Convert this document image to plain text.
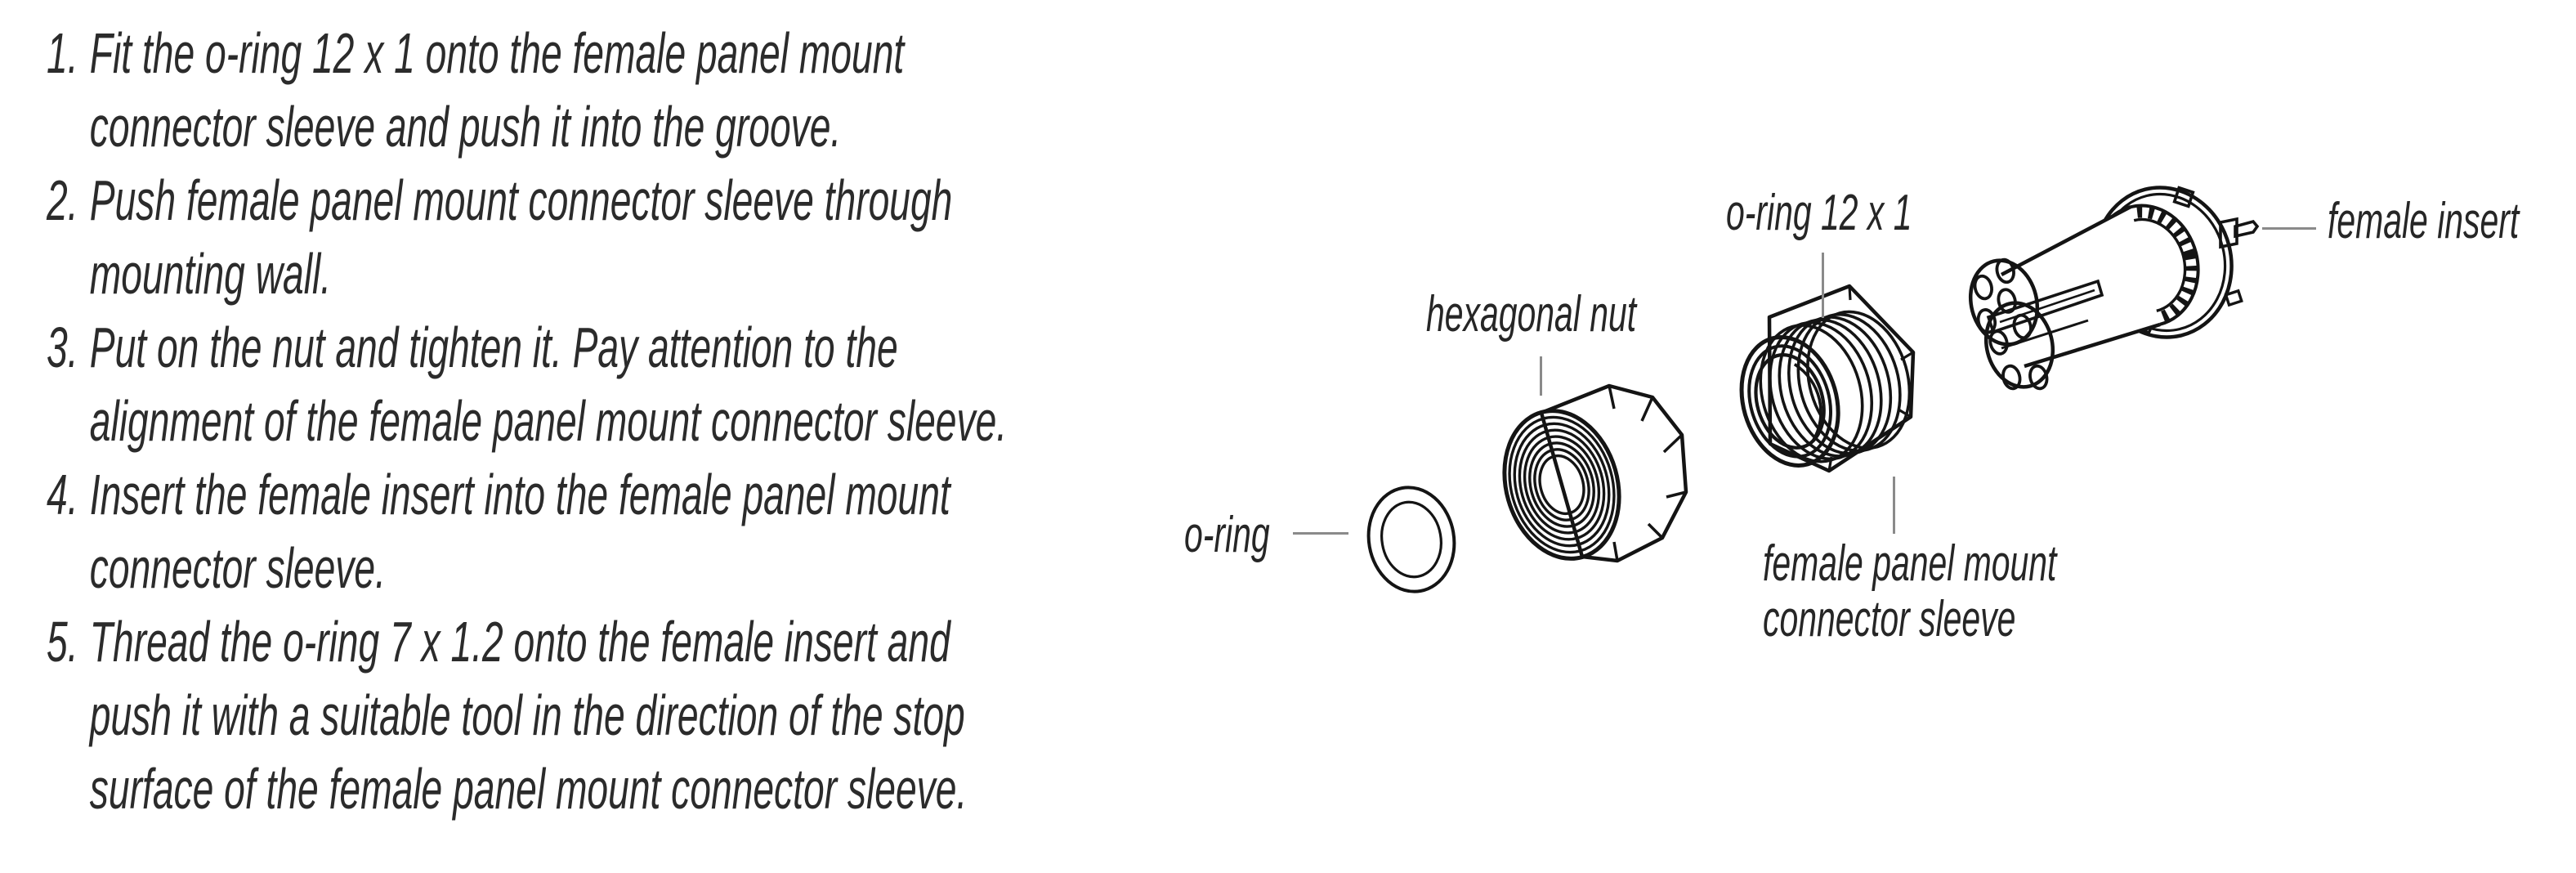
1. Fit the o-ring 12 x 1 onto the female panel mount
connector sleeve and push it into the groove.
2. Push female panel mount connector sleeve through
mounting wall.
3. Put on the nut and tighten it. Pay attention to the
alignment of the female panel mount connector sleeve.
4. Insert the female insert into the female panel mount
connector sleeve.
5. Thread the o-ring 7 x 1.2 onto the female insert and
push it with a suitable tool in the direction of the stop
surface of the female panel mount connector sleeve.
o-ring
hexagonal nut
o-ring 12 x 1
female panel mount
connector sleeve
female insert
